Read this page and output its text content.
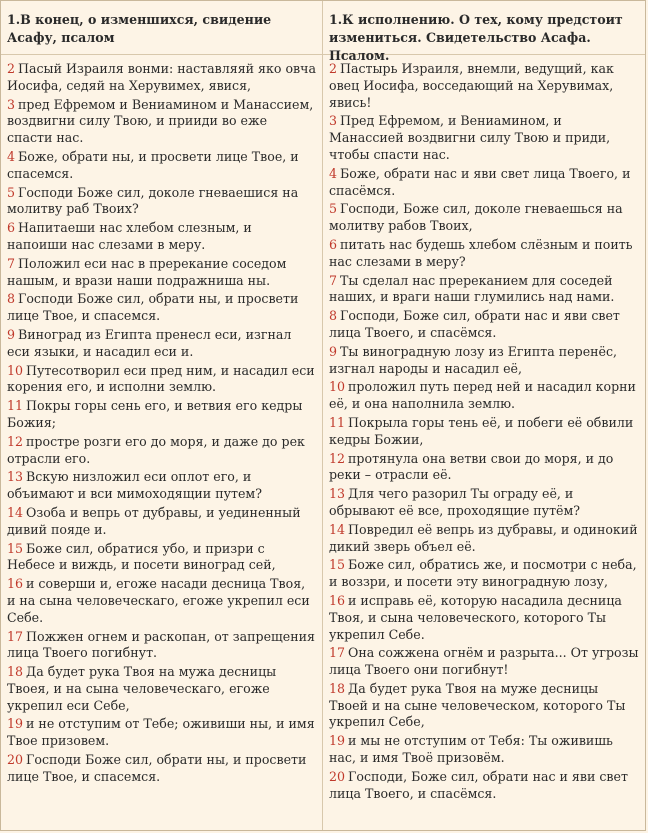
1.В конец, о изменшихся, свидение Асафу, псалом
2 Пасый Израиля вонми: наставляяй яко овча Иосифа, седяй на Херувимех, явися,
3 пред Ефремом и Вениамином и Манассием, воздвигни силу Твою, и прииди во еже спасти нас.
4 Боже, обрати ны, и просвети лице Твое, и спасемся.
5 Господи Боже сил, доколе гневаешися на молитву раб Твоих?
6 Напитаеши нас хлебом слезным, и напоиши нас слезами в меру.
7 Положил еси нас в пререкание соседом нашым, и врази наши подражниша ны.
8 Господи Боже сил, обрати ны, и просвети лице Твое, и спасемся.
9 Виноград из Египта пренесл еси, изгнал еси языки, и насадил еси и.
10 Путесотворил еси пред ним, и насадил еси корения его, и исполни землю.
11 Покры горы сень его, и ветвия его кедры Божия;
12 простре розги его до моря, и даже до рек отрасли его.
13 Вскую низложил еси оплот его, и объимают и вси мимоходящии путем?
14 Озоба и вепрь от дубравы, и уединенный дивий пояде и.
15 Боже сил, обратися убо, и призри с Небесе и виждь, и посети виноград сей,
16 и соверши и, егоже насади десница Твоя, и на сына человеческаго, егоже укрепил еси Себе.
17 Пожжен огнем и раскопан, от запрещения лица Твоего погибнут.
18 Да будет рука Твоя на мужа десницы Твоея, и на сына человеческаго, егоже укрепил еси Себе,
19 и не отступим от Тебе; оживиши ны, и имя Твое призовем.
20 Господи Боже сил, обрати ны, и просвети лице Твое, и спасемся.
1.К исполнению. О тех, кому предстоит измениться. Свидетельство Асафа. Псалом.
2 Пастырь Израиля, внемли, ведущий, как овец Иосифа, восседающий на Херувимах, явись!
3 Пред Ефремом, и Вениамином, и Манассией воздвигни силу Твою и приди, чтобы спасти нас.
4 Боже, обрати нас и яви свет лица Твоего, и спасёмся.
5 Господи, Боже сил, доколе гневаешься на молитву рабов Твоих,
6 питать нас будешь хлебом слёзным и поить нас слезами в меру?
7 Ты сделал нас пререканием для соседей наших, и враги наши глумились над нами.
8 Господи, Боже сил, обрати нас и яви свет лица Твоего, и спасёмся.
9 Ты виноградную лозу из Египта перенёс, изгнал народы и насадил её,
10 проложил путь перед ней и насадил корни её, и она наполнила землю.
11 Покрыла горы тень её, и побеги её обвили кедры Божии,
12 протянула она ветви свои до моря, и до реки – отрасли её.
13 Для чего разорил Ты ограду её, и обрывают её все, проходящие путём?
14 Повредил её вепрь из дубравы, и одинокий дикий зверь объел её.
15 Боже сил, обратись же, и посмотри с неба, и воззри, и посети эту виноградную лозу,
16 и исправь её, которую насадила десница Твоя, и сына человеческого, которого Ты укрепил Себе.
17 Она сожжена огнём и разрыта... От угрозы лица Твоего они погибнут!
18 Да будет рука Твоя на муже десницы Твоей и на сыне человеческом, которого Ты укрепил Себе,
19 и мы не отступим от Тебя: Ты оживишь нас, и имя Твоё призовём.
20 Господи, Боже сил, обрати нас и яви свет лица Твоего, и спасёмся.
